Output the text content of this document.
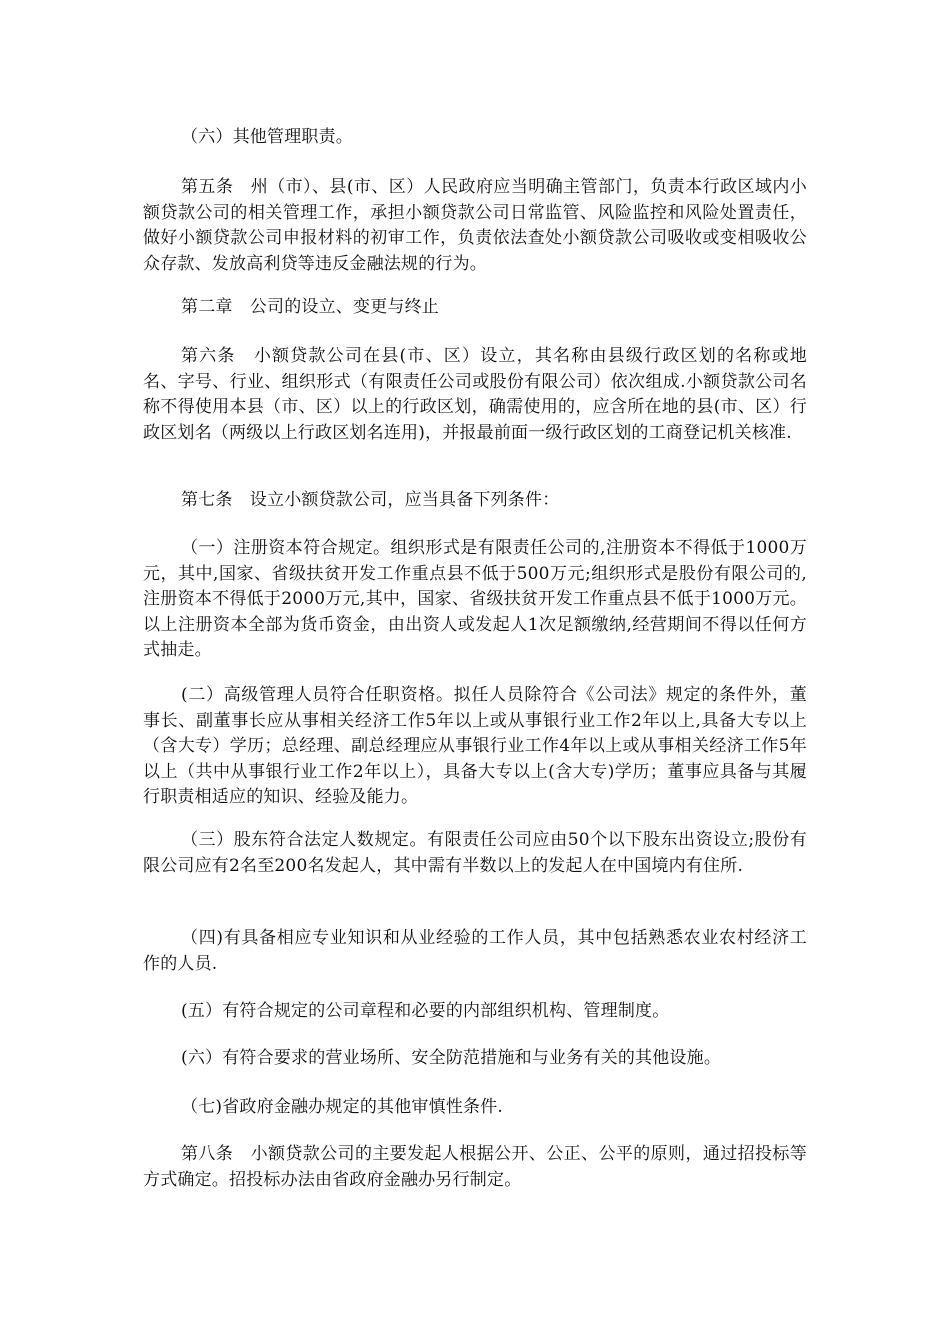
（六）其他管理职责。

第五条　州（市）、县(市、区）人民政府应当明确主管部门，负责本行政区域内小额贷款公司的相关管理工作，承担小额贷款公司日常监管、风险监控和风险处置责任，做好小额贷款公司申报材料的初审工作，负责依法查处小额贷款公司吸收或变相吸收公众存款、发放高利贷等违反金融法规的行为。

第二章　公司的设立、变更与终止

第六条　小额贷款公司在县(市、区）设立，其名称由县级行政区划的名称或地名、字号、行业、组织形式（有限责任公司或股份有限公司）依次组成.小额贷款公司名称不得使用本县（市、区）以上的行政区划，确需使用的，应含所在地的县(市、区）行政区划名（两级以上行政区划名连用)，并报最前面一级行政区划的工商登记机关核准.

第七条　设立小额贷款公司，应当具备下列条件：

（一）注册资本符合规定。组织形式是有限责任公司的,注册资本不得低于1000万元，其中,国家、省级扶贫开发工作重点县不低于500万元;组织形式是股份有限公司的,注册资本不得低于2000万元,其中，国家、省级扶贫开发工作重点县不低于1000万元。以上注册资本全部为货币资金，由出资人或发起人1次足额缴纳,经营期间不得以任何方式抽走。

(二）高级管理人员符合任职资格。拟任人员除符合《公司法》规定的条件外，董事长、副董事长应从事相关经济工作5年以上或从事银行业工作2年以上,具备大专以上（含大专）学历；总经理、副总经理应从事银行业工作4年以上或从事相关经济工作5年以上（共中从事银行业工作2年以上），具备大专以上(含大专)学历；董事应具备与其履行职责相适应的知识、经验及能力。

（三）股东符合法定人数规定。有限责任公司应由50个以下股东出资设立;股份有限公司应有2名至200名发起人，其中需有半数以上的发起人在中国境内有住所.

（四)有具备相应专业知识和从业经验的工作人员，其中包括熟悉农业农村经济工作的人员.

(五）有符合规定的公司章程和必要的内部组织机构、管理制度。

(六）有符合要求的营业场所、安全防范措施和与业务有关的其他设施。

（七)省政府金融办规定的其他审慎性条件.

第八条　小额贷款公司的主要发起人根据公开、公正、公平的原则，通过招投标等方式确定。招投标办法由省政府金融办另行制定。
